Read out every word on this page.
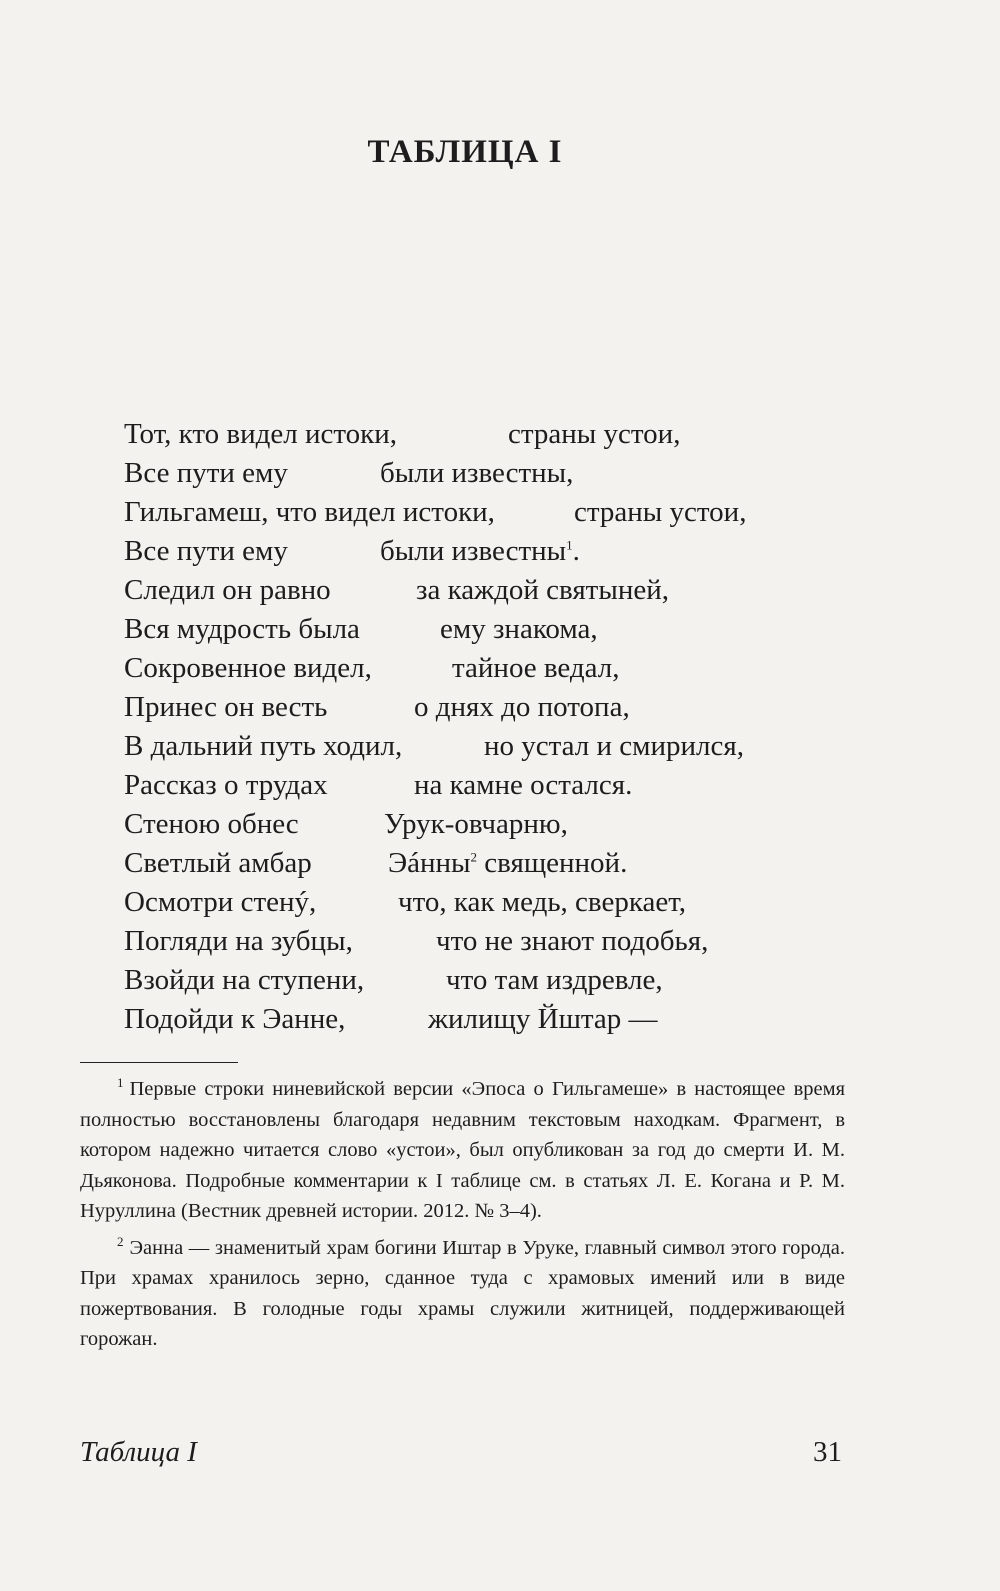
ТАБЛИЦА I
Тот, кто видел истоки,	страны устои,
Все пути ему	были известны,
Гильгамеш, что видел истоки,	страны устои,
Все пути ему	были известны$^1$.
Следил он равно	за каждой святыней,
Вся мудрость была	ему знакома,
Сокровенное видел,	тайное ведал,
Принес он весть	о днях до потопа,
В дальний путь ходил,	но устал и смирился,
Рассказ о трудах	на камне остался.
Стеною обнес	Урук-овчарню,
Светлый амбар	Эáнны$^2$ священной.
Осмотри стенý,	что, как медь, сверкает,
Погляди на зубцы,	что не знают подобья,
Взойди на ступени,	что там издревле,
Подойди к Эанне,	жилищу Йштар —

$^1$ Первые строки ниневийской версии «Эпоса о Гильгамеше» в настоящее время полностью восстановлены благодаря недавним текстовым находкам. Фрагмент, в котором надежно читается слово «устои», был опубликован за год до смерти И. М. Дьяконова. Подробные комментарии к I таблице см. в статьях Л. Е. Когана и Р. М. Нуруллина (Вестник древней истории. 2012. № 3–4).

$^2$ Эанна — знаменитый храм богини Иштар в Уруке, главный символ этого города. При храмах хранилось зерно, сданное туда с храмовых имений или в виде пожертвования. В голодные годы храмы служили житницей, поддерживающей горожан.

Таблица I	31
